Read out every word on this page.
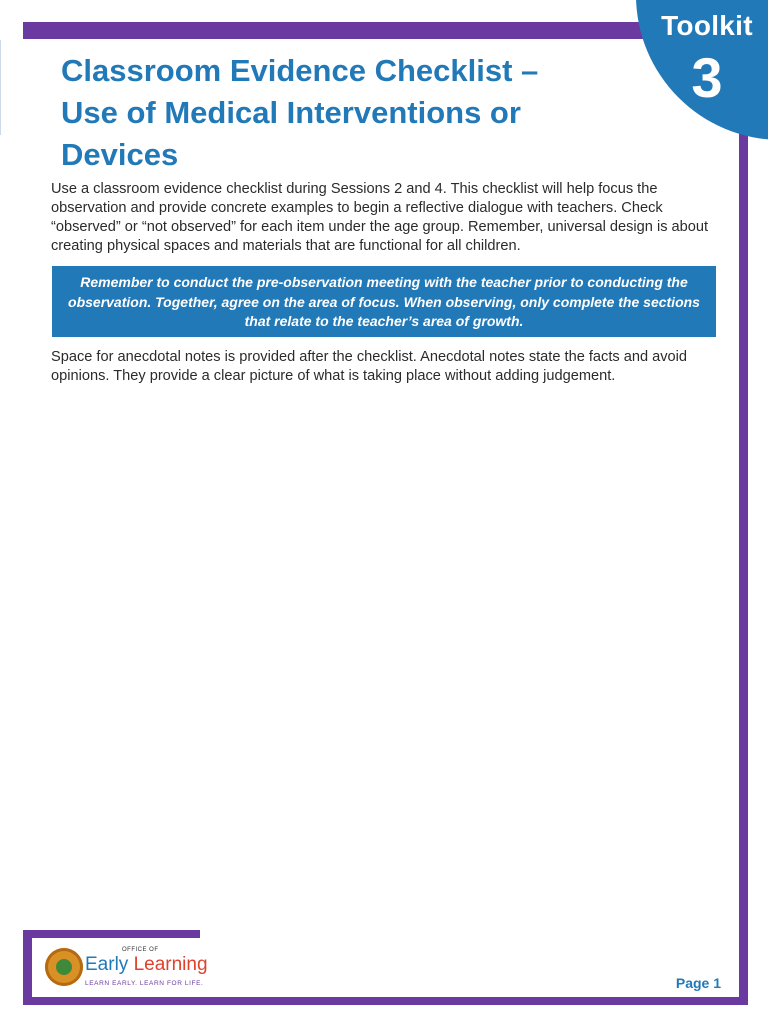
Toolkit
3
Classroom Evidence Checklist –
Use of Medical Interventions or
Devices

Use a classroom evidence checklist during Sessions 2 and 4. This checklist will help focus the observation and provide concrete examples to begin a reflective dialogue with teachers. Check “observed” or “not observed” for each item under the age group. Remember, universal design is about creating physical spaces and materials that are functional for all children.

Remember to conduct the pre-observation meeting with the teacher prior to conducting the observation. Together, agree on the area of focus. When observing, only complete the sections that relate to the teacher’s area of growth.

Space for anecdotal notes is provided after the checklist. Anecdotal notes state the facts and avoid opinions. They provide a clear picture of what is taking place without adding judgement.

OFFICE OF
Early Learning
LEARN EARLY. LEARN FOR LIFE.	Page 1
